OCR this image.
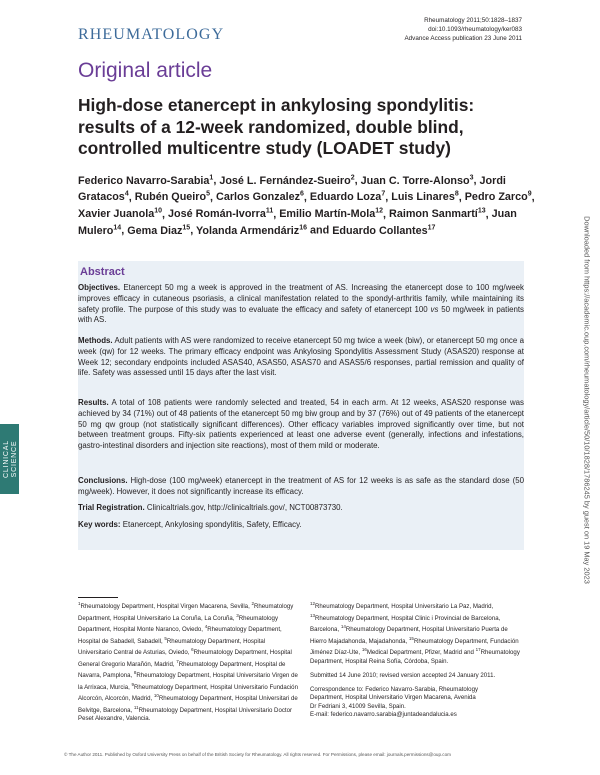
RHEUMATOLOGY
Rheumatology 2011;50:1828–1837
doi:10.1093/rheumatology/ker083
Advance Access publication 23 June 2011
Original article
High-dose etanercept in ankylosing spondylitis: results of a 12-week randomized, double blind, controlled multicentre study (LOADET study)
Federico Navarro-Sarabia$^1$, José L. Fernández-Sueiro$^2$, Juan C. Torre-Alonso$^3$, Jordi Gratacos$^4$, Rubén Queiro$^5$, Carlos Gonzalez$^6$, Eduardo Loza$^7$, Luis Linares$^8$, Pedro Zarco$^9$, Xavier Juanola$^{10}$, José Román-Ivorra$^{11}$, Emilio Martín-Mola$^{12}$, Raimon Sanmartí$^{13}$, Juan Mulero$^{14}$, Gema Diaz$^{15}$, Yolanda Armendáriz$^{16}$ and Eduardo Collantes$^{17}$
Abstract
Objectives. Etanercept 50 mg a week is approved in the treatment of AS. Increasing the etanercept dose to 100 mg/week improves efficacy in cutaneous psoriasis, a clinical manifestation related to the spondyl-arthritis family, while maintaining its safety profile. The purpose of this study was to evaluate the efficacy and safety of etanercept 100 vs 50 mg/week in patients with AS.
Methods. Adult patients with AS were randomized to receive etanercept 50 mg twice a week (biw), or etanercept 50 mg once a week (qw) for 12 weeks. The primary efficacy endpoint was Ankylosing Spondylitis Assessment Study (ASAS20) response at Week 12; secondary endpoints included ASAS40, ASAS50, ASAS70 and ASAS5/6 responses, partial remission and quality of life. Safety was assessed until 15 days after the last visit.
Results. A total of 108 patients were randomly selected and treated, 54 in each arm. At 12 weeks, ASAS20 response was achieved by 34 (71%) out of 48 patients of the etanercept 50 mg biw group and by 37 (76%) out of 49 patients of the etanercept 50 mg qw group (not statistically significant differences). Other efficacy variables improved significantly over time, but not between treatment groups. Fifty-six patients experienced at least one adverse event (generally, infections and infestations, gastro-intestinal disorders and injection site reactions), most of them mild or moderate.
Conclusions. High-dose (100 mg/week) etanercept in the treatment of AS for 12 weeks is as safe as the standard dose (50 mg/week). However, it does not significantly increase its efficacy.
Trial Registration. Clinicaltrials.gov, http://clinicaltrials.gov/, NCT00873730.
Key words: Etanercept, Ankylosing spondylitis, Safety, Efficacy.
CLINICAL SCIENCE	Downloaded from https://academic.oup.com/rheumatology/article/50/10/1828/1786245 by guest on 19 May 2023
$^1$Rheumatology Department, Hospital Virgen Macarena, Sevilla, $^2$Rheumatology Department, Hospital Universitario La Coruña, La Coruña, $^3$Rheumatology Department, Hospital Monte Naranco, Oviedo, $^4$Rheumatology Department, Hospital de Sabadell, Sabadell, $^5$Rheumatology Department, Hospital Universitario Central de Asturias, Oviedo, $^6$Rheumatology Department, Hospital General Gregorio Marañón, Madrid, $^7$Rheumatology Department, Hospital de Navarra, Pamplona, $^8$Rheumatology Department, Hospital Universitario Virgen de la Arrixaca, Murcia, $^9$Rheumatology Department, Hospital Universitario Fundación Alcorcón, Alcorcón, Madrid, $^{10}$Rheumatology Department, Hospital Universitari de Belvitge, Barcelona, $^{11}$Rheumatology Department, Hospital Universitario Doctor Peset Alexandre, Valencia.
$^{12}$Rheumatology Department, Hospital Universitario La Paz, Madrid, $^{13}$Rheumatology Department, Hospital Clinic i Provincial de Barcelona, Barcelona, $^{14}$Rheumatology Department, Hospital Universitario Puerta de Hierro Majadahonda, Majadahonda, $^{15}$Rheumatology Department, Fundación Jiménez Díaz-Ute, $^{16}$Medical Department, Pfizer, Madrid and $^{17}$Rheumatology Department, Hospital Reina Sofía, Córdoba, Spain.
Submitted 14 June 2010; revised version accepted 24 January 2011.
Correspondence to: Federico Navarro-Sarabia, Rheumatology
Department, Hospital Universitario Virgen Macarena, Avenida
Dr Fedriani 3, 41009 Sevilla, Spain.
E-mail: federico.navarro.sarabia@juntadeandalucia.es
© The Author 2011. Published by Oxford University Press on behalf of the British Society for Rheumatology. All rights reserved. For Permissions, please email: journals.permissions@oup.com
